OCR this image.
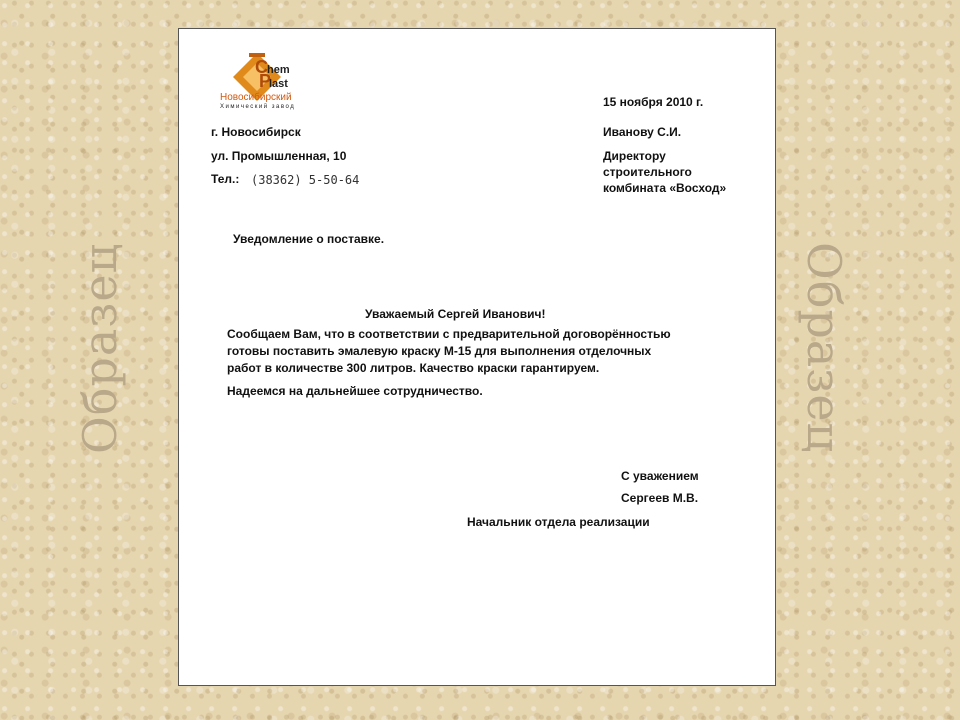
Образец	Образец
C hem
P
last
Новосибирский
Химический завод	15 ноября 2010 г.
г. Новосибирск
ул. Промышленная, 10
Тел.: (38362) 5-50-64
Иванову С.И.
Директору
строительного
комбината «Восход»
Уведомление о поставке.
Уважаемый Сергей Иванович!
Сообщаем Вам, что в соответствии с предварительной договорённостью готовы поставить эмалевую краску М-15 для выполнения отделочных работ в количестве 300 литров. Качество краски гарантируем.
Надеемся на дальнейшее сотрудничество.
С уважением
Сергеев М.В.
Начальник отдела реализации
